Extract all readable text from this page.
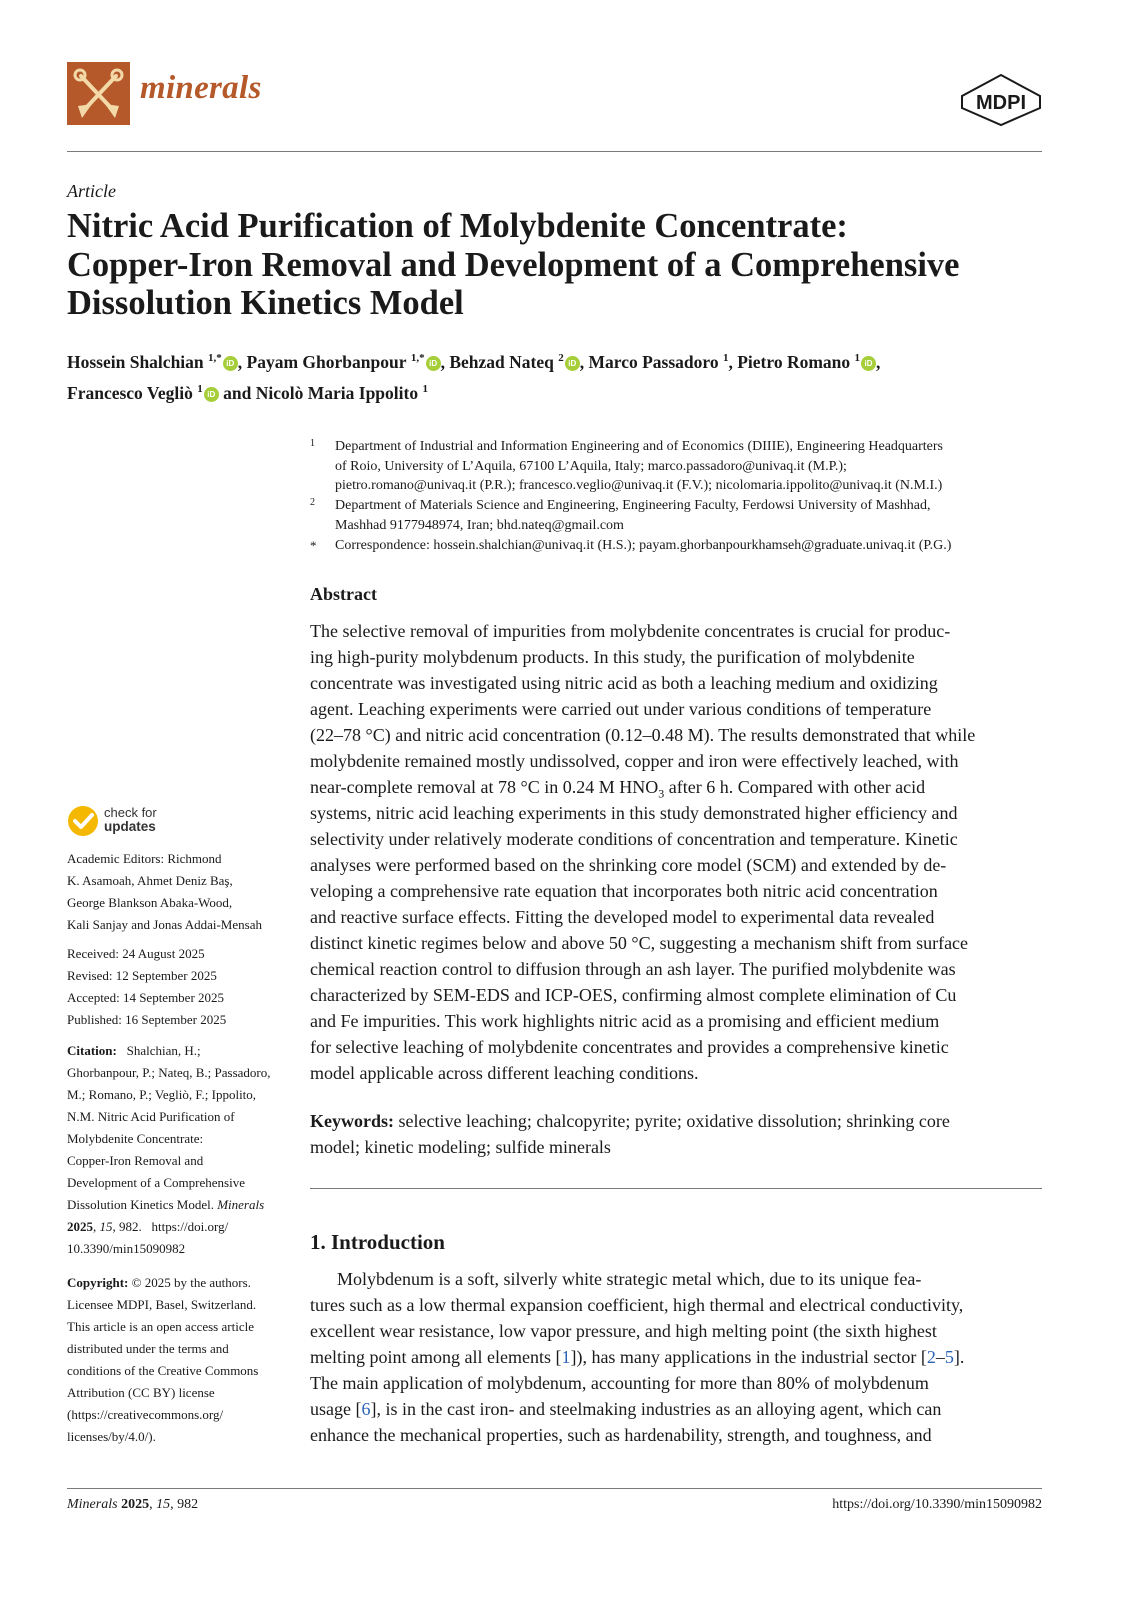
minerals	MDPI
Article
Nitric Acid Purification of Molybdenite Concentrate:
Copper-Iron Removal and Development of a Comprehensive
Dissolution Kinetics Model
Hossein Shalchian $^{1,*}$ iD , Payam Ghorbanpour $^{1,*}$ iD , Behzad Nateq $^2$ iD , Marco Passadoro $^1$, Pietro Romano $^1$ iD ,
Francesco Vegliò $^1$ iD and Nicolò Maria Ippolito $^1$
1 Department of Industrial and Information Engineering and of Economics (DIIIE), Engineering Headquarters
of Roio, University of L’Aquila, 67100 L’Aquila, Italy; marco.passadoro@univaq.it (M.P.);
pietro.romano@univaq.it (P.R.); francesco.veglio@univaq.it (F.V.); nicolomaria.ippolito@univaq.it (N.M.I.)
2 Department of Materials Science and Engineering, Engineering Faculty, Ferdowsi University of Mashhad,
Mashhad 9177948974, Iran; bhd.nateq@gmail.com
* Correspondence: hossein.shalchian@univaq.it (H.S.); payam.ghorbanpourkhamseh@graduate.univaq.it (P.G.)
Abstract
The selective removal of impurities from molybdenite concentrates is crucial for produc-
ing high-purity molybdenum products. In this study, the purification of molybdenite
concentrate was investigated using nitric acid as both a leaching medium and oxidizing
agent. Leaching experiments were carried out under various conditions of temperature
(22–78 °C) and nitric acid concentration (0.12–0.48 M). The results demonstrated that while
molybdenite remained mostly undissolved, copper and iron were effectively leached, with
near-complete removal at 78 °C in 0.24 M $HNO_3$ after 6 h. Compared with other acid
systems, nitric acid leaching experiments in this study demonstrated higher efficiency and
selectivity under relatively moderate conditions of concentration and temperature. Kinetic
analyses were performed based on the shrinking core model (SCM) and extended by de-
veloping a comprehensive rate equation that incorporates both nitric acid concentration
and reactive surface effects. Fitting the developed model to experimental data revealed
distinct kinetic regimes below and above 50 °C, suggesting a mechanism shift from surface
chemical reaction control to diffusion through an ash layer. The purified molybdenite was
characterized by SEM-EDS and ICP-OES, confirming almost complete elimination of Cu
and Fe impurities. This work highlights nitric acid as a promising and efficient medium
for selective leaching of molybdenite concentrates and provides a comprehensive kinetic
model applicable across different leaching conditions.
Keywords: selective leaching; chalcopyrite; pyrite; oxidative dissolution; shrinking core
model; kinetic modeling; sulfide minerals
1. Introduction
Molybdenum is a soft, silverly white strategic metal which, due to its unique fea-
tures such as a low thermal expansion coefficient, high thermal and electrical conductivity,
excellent wear resistance, low vapor pressure, and high melting point (the sixth highest
melting point among all elements [1]), has many applications in the industrial sector [2–5].
The main application of molybdenum, accounting for more than 80% of molybdenum
usage [6], is in the cast iron- and steelmaking industries as an alloying agent, which can
enhance the mechanical properties, such as hardenability, strength, and toughness, and
check for
updates
Academic Editors: Richmond
K. Asamoah, Ahmet Deniz Baş,
George Blankson Abaka-Wood,
Kali Sanjay and Jonas Addai-Mensah
Received: 24 August 2025
Revised: 12 September 2025
Accepted: 14 September 2025
Published: 16 September 2025
Citation:   Shalchian, H.;
Ghorbanpour, P.; Nateq, B.; Passadoro,
M.; Romano, P.; Vegliò, F.; Ippolito,
N.M. Nitric Acid Purification of
Molybdenite Concentrate:
Copper-Iron Removal and
Development of a Comprehensive
Dissolution Kinetics Model. Minerals
2025, 15, 982.   https://doi.org/
10.3390/min15090982
Copyright: © 2025 by the authors.
Licensee MDPI, Basel, Switzerland.
This article is an open access article
distributed under the terms and
conditions of the Creative Commons
Attribution (CC BY) license
(https://creativecommons.org/
licenses/by/4.0/).
Minerals 2025, 15, 982	https://doi.org/10.3390/min15090982
